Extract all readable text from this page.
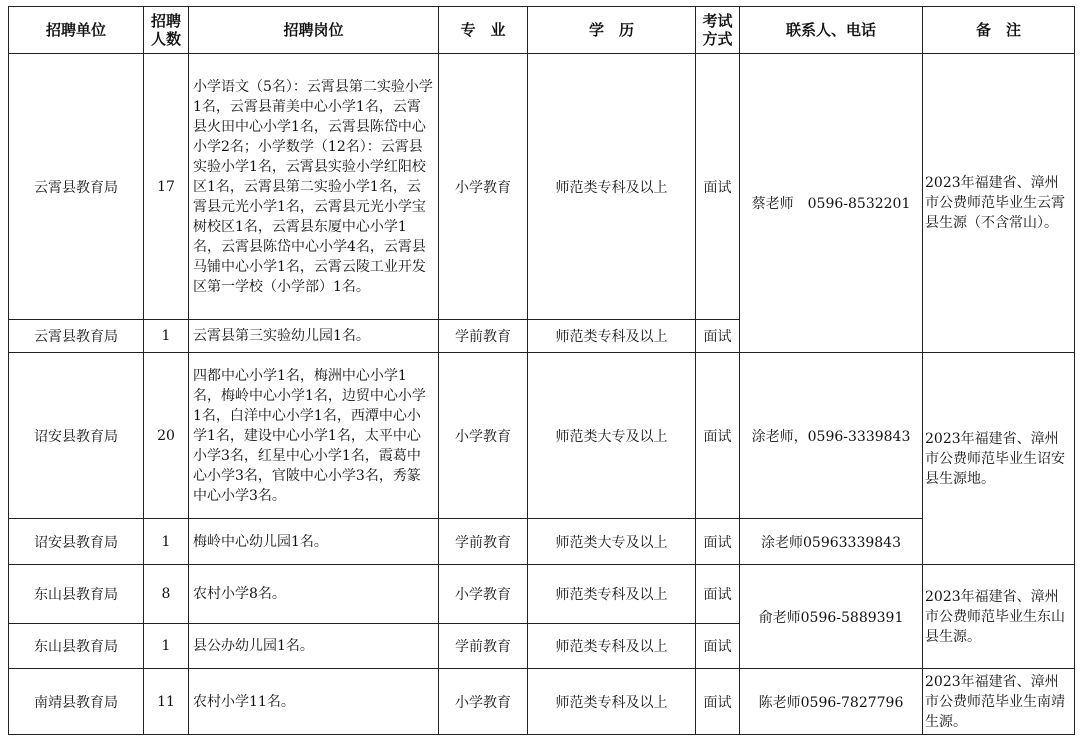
招聘单位	招聘人数	招聘岗位	专　业	学　历	考试方式	联系人、电话	备　注
云霄县教育局	17	小学语文（5名）：云霄县第二实验小学1名，云霄县莆美中心小学1名，云霄县火田中心小学1名，云霄县陈岱中心小学2名；小学数学（12名）：云霄县实验小学1名，云霄县实验小学红阳校区1名，云霄县第二实验小学1名，云霄县元光小学1名，云霄县元光小学宝树校区1名，云霄县东厦中心小学1名，云霄县陈岱中心小学4名，云霄县马铺中心小学1名，云霄云陵工业开发区第一学校（小学部）1名。	小学教育	师范类专科及以上	面试	蔡老师　0596-8532201	2023年福建省、漳州市公费师范毕业生云霄县生源（不含常山）。
云霄县教育局	1	云霄县第三实验幼儿园1名。	学前教育	师范类专科及以上	面试		
诏安县教育局	20	四都中心小学1名，梅洲中心小学1名，梅岭中心小学1名，边贸中心小学1名，白洋中心小学1名，西潭中心小学1名，建设中心小学1名，太平中心小学3名，红星中心小学1名，霞葛中心小学3名，官陂中心小学3名，秀篆中心小学3名。	小学教育	师范类大专及以上	面试	涂老师，0596-3339843	2023年福建省、漳州市公费师范毕业生诏安县生源地。
诏安县教育局	1	梅岭中心幼儿园1名。	学前教育	师范类大专及以上	面试	涂老师05963339843	
东山县教育局	8	农村小学8名。	小学教育	师范类专科及以上	面试	俞老师0596-5889391	2023年福建省、漳州市公费师范毕业生东山县生源。
东山县教育局	1	县公办幼儿园1名。	学前教育	师范类专科及以上	面试		
南靖县教育局	11	农村小学11名。	小学教育	师范类专科及以上	面试	陈老师0596-7827796	2023年福建省、漳州市公费师范毕业生南靖生源。
